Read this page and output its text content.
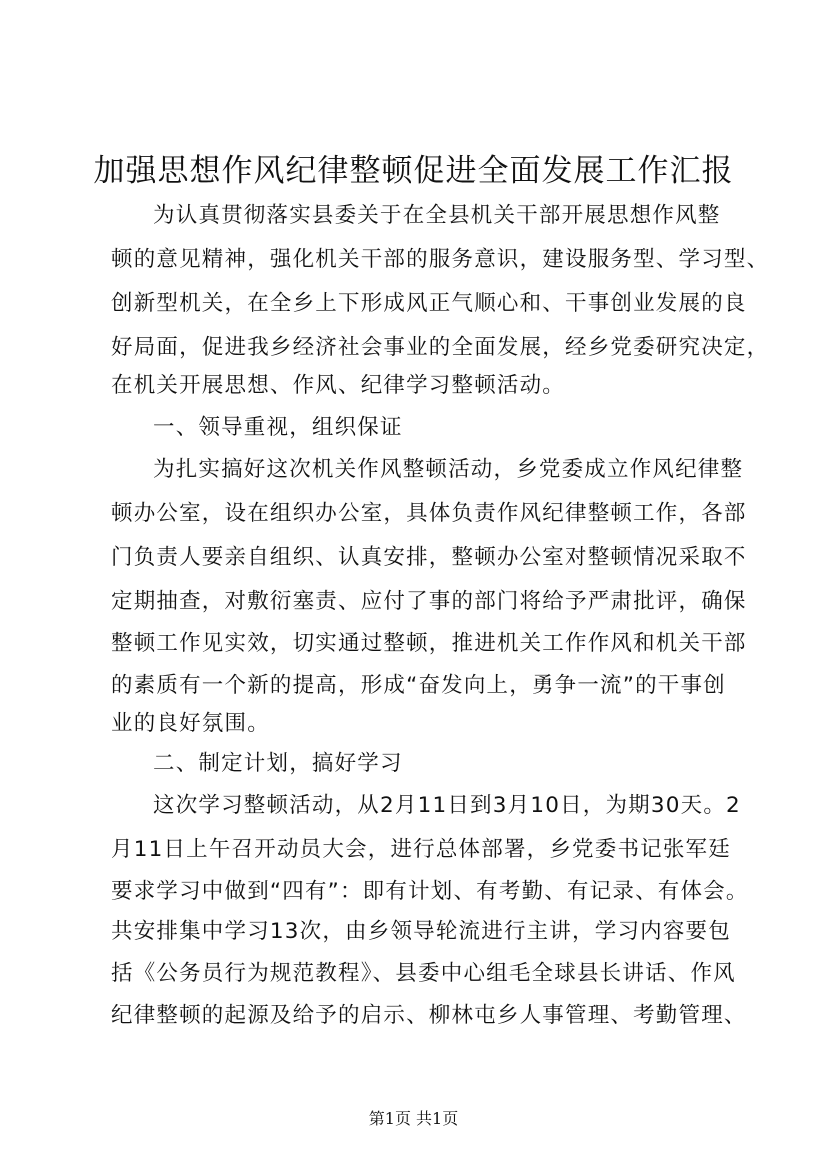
加强思想作风纪律整顿促进全面发展工作汇报
为认真贯彻落实县委关于在全县机关干部开展思想作风整
顿的意见精神，强化机关干部的服务意识，建设服务型、学习型、
创新型机关，在全乡上下形成风正气顺心和、干事创业发展的良
好局面，促进我乡经济社会事业的全面发展，经乡党委研究决定，
在机关开展思想、作风、纪律学习整顿活动。
一、领导重视，组织保证
为扎实搞好这次机关作风整顿活动，乡党委成立作风纪律整
顿办公室，设在组织办公室，具体负责作风纪律整顿工作，各部
门负责人要亲自组织、认真安排，整顿办公室对整顿情况采取不
定期抽查，对敷衍塞责、应付了事的部门将给予严肃批评，确保
整顿工作见实效，切实通过整顿，推进机关工作作风和机关干部
的素质有一个新的提高，形成“奋发向上，勇争一流”的干事创
业的良好氛围。
二、制定计划，搞好学习
这次学习整顿活动，从2月11日到3月10日，为期30天。2
月11日上午召开动员大会，进行总体部署，乡党委书记张军廷
要求学习中做到“四有”：即有计划、有考勤、有记录、有体会。
共安排集中学习13次，由乡领导轮流进行主讲，学习内容要包
括《公务员行为规范教程》、县委中心组毛全球县长讲话、作风
纪律整顿的起源及给予的启示、柳林屯乡人事管理、考勤管理、
第1页 共1页
